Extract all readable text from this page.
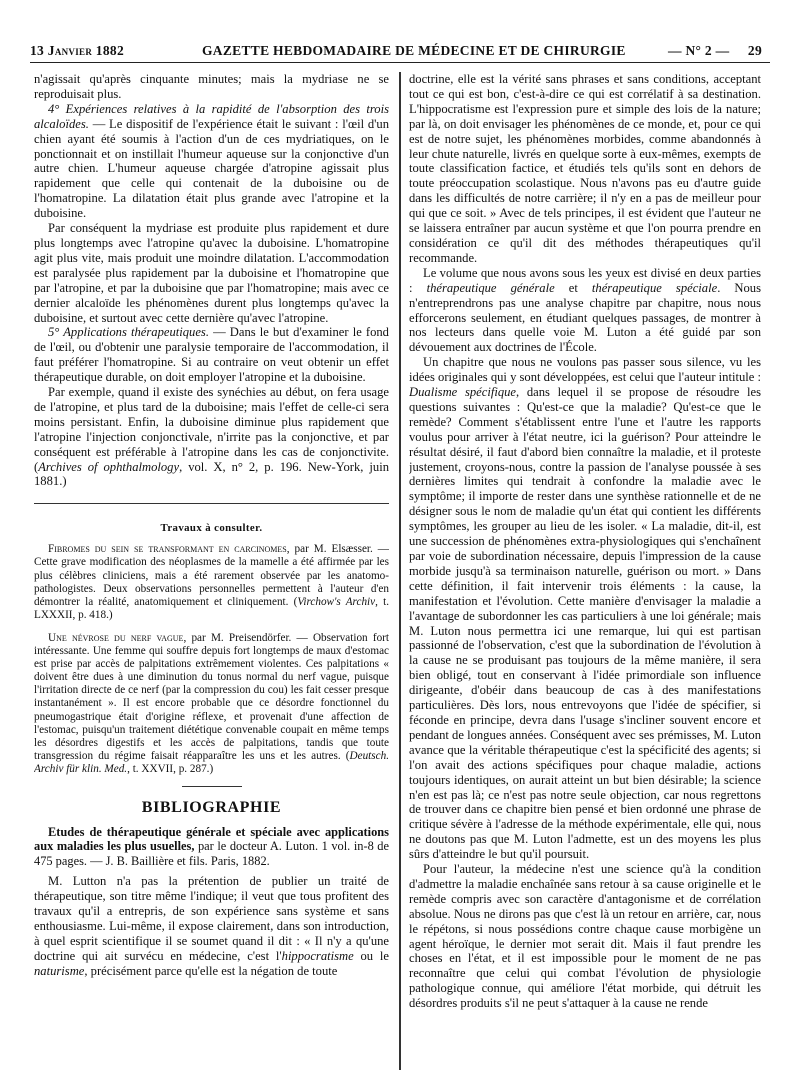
13 Janvier 1882	GAZETTE HEBDOMADAIRE DE MÉDECINE ET DE CHIRURGIE	— N° 2 — 29

n'agissait qu'après cinquante minutes; mais la mydriase ne se reproduisait plus.

4° Expériences relatives à la rapidité de l'absorption des trois alcaloïdes. — Le dispositif de l'expérience était le suivant : l'œil d'un chien ayant été soumis à l'action d'un de ces mydriatiques, on le ponctionnait et on instillait l'humeur aqueuse sur la conjonctive d'un autre chien. L'humeur aqueuse chargée d'atropine agissait plus rapidement que celle qui contenait de la duboisine ou de l'homatropine. La dilatation était plus grande avec l'atropine et la duboisine.

Par conséquent la mydriase est produite plus rapidement et dure plus longtemps avec l'atropine qu'avec la duboisine. L'homatropine agit plus vite, mais produit une moindre dilatation. L'accommodation est paralysée plus rapidement par la duboisine et l'homatropine que par l'atropine, et par la duboisine que par l'homatropine; mais avec ce dernier alcaloïde les phénomènes durent plus longtemps qu'avec la duboisine, et surtout avec cette dernière qu'avec l'atropine.

5° Applications thérapeutiques. — Dans le but d'examiner le fond de l'œil, ou d'obtenir une paralysie temporaire de l'accommodation, il faut préférer l'homatropine. Si au contraire on veut obtenir un effet thérapeutique durable, on doit employer l'atropine et la duboisine.

Par exemple, quand il existe des synéchies au début, on fera usage de l'atropine, et plus tard de la duboisine; mais l'effet de celle-ci sera moins persistant. Enfin, la duboisine diminue plus rapidement que l'atropine l'injection conjonctivale, n'irrite pas la conjonctive, et par conséquent est préférable à l'atropine dans les cas de conjonctivite. (Archives of ophthalmology, vol. X, n° 2, p. 196. New-York, juin 1881.)

Travaux à consulter.

Fibromes du sein se transformant en carcinomes, par M. Elsæsser. — Cette grave modification des néoplasmes de la mamelle a été affirmée par les plus célèbres cliniciens, mais a été rarement observée par les anatomo-pathologistes. Deux observations personnelles permettent à l'auteur d'en démontrer la réalité, anatomiquement et cliniquement. (Virchow's Archiv, t. LXXXII, p. 418.)

Une névrose du nerf vague, par M. Preisendörfer. — Observation fort intéressante. Une femme qui souffre depuis fort longtemps de maux d'estomac est prise par accès de palpitations extrêmement violentes. Ces palpitations « doivent être dues à une diminution du tonus normal du nerf vague, puisque l'irritation directe de ce nerf (par la compression du cou) les fait cesser presque instantanément ». Il est encore probable que ce désordre fonctionnel du pneumogastrique était d'origine réflexe, et provenait d'une affection de l'estomac, puisqu'un traitement diététique convenable coupait en même temps les désordres digestifs et les accès de palpitations, tandis que toute transgression du régime faisait réapparaître les uns et les autres. (Deutsch. Archiv für klin. Med., t. XXVII, p. 287.)

BIBLIOGRAPHIE

Etudes de thérapeutique générale et spéciale avec applications aux maladies les plus usuelles, par le docteur A. Luton. 1 vol. in-8 de 475 pages. — J. B. Baillière et fils. Paris, 1882.

M. Lutton n'a pas la prétention de publier un traité de thérapeutique, son titre même l'indique; il veut que tous profitent des travaux qu'il a entrepris, de son expérience sans système et sans enthousiasme. Lui-même, il expose clairement, dans son introduction, à quel esprit scientifique il se soumet quand il dit : « Il n'y a qu'une doctrine qui ait survécu en médecine, c'est l'hippocratisme ou le naturisme, précisément parce qu'elle est la négation de toute

doctrine, elle est la vérité sans phrases et sans conditions, acceptant tout ce qui est bon, c'est-à-dire ce qui est corrélatif à sa destination. L'hippocratisme est l'expression pure et simple des lois de la nature; par là, on doit envisager les phénomènes de ce monde, et, pour ce qui est de notre sujet, les phénomènes morbides, comme abandonnés à leur chute naturelle, livrés en quelque sorte à eux-mêmes, exempts de toute classification factice, et étudiés tels qu'ils sont en dehors de toute préoccupation scolastique. Nous n'avons pas eu d'autre guide dans les difficultés de notre carrière; il n'y en a pas de meilleur pour qui que ce soit. » Avec de tels principes, il est évident que l'auteur ne se laissera entraîner par aucun système et que l'on pourra prendre en considération ce qu'il dit des méthodes thérapeutiques qu'il recommande.

Le volume que nous avons sous les yeux est divisé en deux parties : thérapeutique générale et thérapeutique spéciale. Nous n'entreprendrons pas une analyse chapitre par chapitre, nous nous efforcerons seulement, en étudiant quelques passages, de montrer à nos lecteurs dans quelle voie M. Luton a été guidé par son dévouement aux doctrines de l'École.

Un chapitre que nous ne voulons pas passer sous silence, vu les idées originales qui y sont développées, est celui que l'auteur intitule : Dualisme spécifique, dans lequel il se propose de résoudre les questions suivantes : Qu'est-ce que la maladie? Qu'est-ce que le remède? Comment s'établissent entre l'une et l'autre les rapports voulus pour arriver à l'état neutre, ici la guérison? Pour atteindre le résultat désiré, il faut d'abord bien connaître la maladie, et il proteste justement, croyons-nous, contre la passion de l'analyse poussée à ses dernières limites qui tendrait à confondre la maladie avec le symptôme; il importe de rester dans une synthèse rationnelle et de ne désigner sous le nom de maladie qu'un état qui contient les différents symptômes, les grouper au lieu de les isoler. « La maladie, dit-il, est une succession de phénomènes extra-physiologiques qui s'enchaînent par voie de subordination nécessaire, depuis l'impression de la cause morbide jusqu'à sa terminaison naturelle, guérison ou mort. » Dans cette définition, il fait intervenir trois éléments : la cause, la manifestation et l'évolution. Cette manière d'envisager la maladie a l'avantage de subordonner les cas particuliers à une loi générale; mais M. Luton nous permettra ici une remarque, lui qui est partisan passionné de l'observation, c'est que la subordination de l'évolution à la cause ne se produisant pas toujours de la même manière, il sera bien obligé, tout en conservant à l'idée primordiale son influence dirigeante, d'obéir dans beaucoup de cas à des manifestations particulières. Dès lors, nous entrevoyons que l'idée de spécifier, si féconde en principe, devra dans l'usage s'incliner souvent encore et pendant de longues années. Conséquent avec ses prémisses, M. Luton avance que la véritable thérapeutique c'est la spécificité des agents; si l'on avait des actions spécifiques pour chaque maladie, actions toujours identiques, on aurait atteint un but bien désirable; la science n'en est pas là; ce n'est pas notre seule objection, car nous regrettons de trouver dans ce chapitre bien pensé et bien ordonné une phrase de critique sévère à l'adresse de la méthode expérimentale, elle qui, nous ne doutons pas que M. Luton l'admette, est un des moyens les plus sûrs d'atteindre le but qu'il poursuit.

Pour l'auteur, la médecine n'est une science qu'à la condition d'admettre la maladie enchaînée sans retour à sa cause originelle et le remède compris avec son caractère d'antagonisme et de corrélation absolue. Nous ne dirons pas que c'est là un retour en arrière, car, nous le répétons, si nous possédions contre chaque cause morbigène un agent héroïque, le dernier mot serait dit. Mais il faut prendre les choses en l'état, et il est impossible pour le moment de ne pas reconnaître que celui qui combat l'évolution de physiologie pathologique connue, qui améliore l'état morbide, qui détruit les désordres produits s'il ne peut s'attaquer à la cause ne rende
